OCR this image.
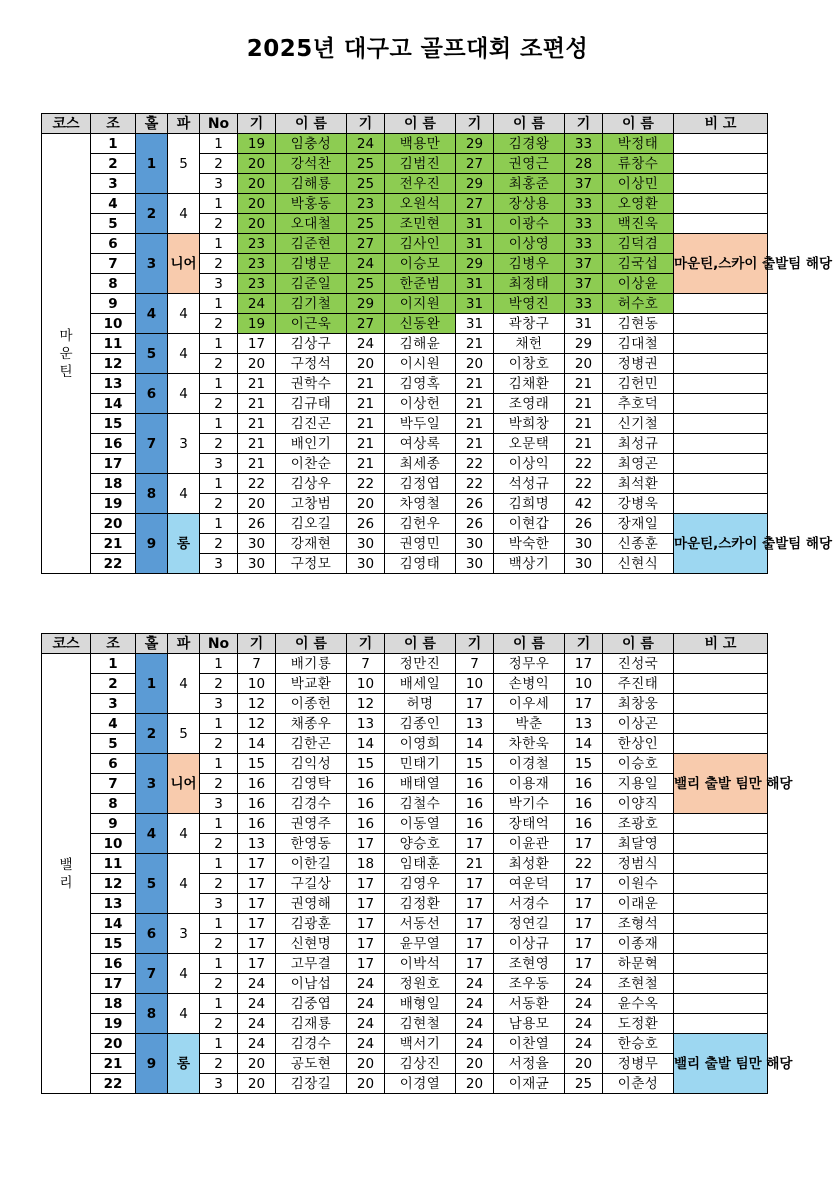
2025년 대구고 골프대회 조편성
코스	조	홀	파	No	기	이 름	기	이 름	기	이 름	기	이 름	비 고
마
운
틴	1	1	5	1	19	임충성	24	백용만	29	김경왕	33	박정태	
	2			2	20	강석찬	25	김범진	27	권영근	28	류창수	
	3			3	20	김해룡	25	전우진	29	최홍준	37	이상민	
	4	2	4	1	20	박홍동	23	오원석	27	장상용	33	오영환	
	5			2	20	오대철	25	조민현	31	이광수	33	백진욱	
	6	3	니어	1	23	김준현	27	김사인	31	이상영	33	김덕겸	마운틴,스카이 출발팀 해당
	7			2	23	김병문	24	이승모	29	김병우	37	김국섭	
	8			3	23	김준일	25	한준범	31	최정태	37	이상윤	
	9	4	4	1	24	김기철	29	이지원	31	박영진	33	허수호	
	10			2	19	이근욱	27	신동완	31	곽창구	31	김현동	
	11	5	4	1	17	김상구	24	김해윤	21	채헌	29	김대철	
	12			2	20	구정석	20	이시원	20	이창호	20	정병권	
	13	6	4	1	21	권학수	21	김영혹	21	김채환	21	김헌민	
	14			2	21	김규태	21	이상헌	21	조영래	21	추호덕	
	15	7	3	1	21	김진곤	21	박두일	21	박희창	21	신기철	
	16			2	21	배인기	21	여상록	21	오문택	21	최성규	
	17			3	21	이찬순	21	최세종	22	이상익	22	최영곤	
	18	8	4	1	22	김상우	22	김정엽	22	석성규	22	최석환	
	19			2	20	고창범	20	차영철	26	김희명	42	강병욱	
	20	9	롱	1	26	김오길	26	김헌우	26	이현갑	26	장재일	마운틴,스카이 출발팀 해당
	21			2	30	강재현	30	권영민	30	박숙한	30	신종훈	
	22			3	30	구정모	30	김영태	30	백상기	30	신현식	
코스	조	홀	파	No	기	이 름	기	이 름	기	이 름	기	이 름	비 고
밸
리	1	1	4	1	7	배기룡	7	정만진	7	정무우	17	진성국	
	2			2	10	박교환	10	배세일	10	손병익	10	주진태	
	3			3	12	이종헌	12	허명	17	이우세	17	최창웅	
	4	2	5	1	12	채종우	13	김종인	13	박춘	13	이상곤	
	5			2	14	김한곤	14	이영희	14	차한욱	14	한상인	
	6	3	니어	1	15	김익성	15	민태기	15	이경철	15	이승호	밸리 출발 팀만 해당
	7			2	16	김영탁	16	배태열	16	이용재	16	지용일	
	8			3	16	김경수	16	김철수	16	박기수	16	이양직	
	9	4	4	1	16	권영주	16	이동열	16	장태억	16	조광호	
	10			2	13	한영동	17	양승호	17	이윤관	17	최달영	
	11	5	4	1	17	이한길	18	임태훈	21	최성환	22	정범식	
	12			2	17	구길상	17	김영우	17	여운덕	17	이원수	
	13			3	17	권영해	17	김정환	17	서경수	17	이래운	
	14	6	3	1	17	김광훈	17	서동선	17	정연길	17	조형석	
	15			2	17	신현명	17	윤무열	17	이상규	17	이종재	
	16	7	4	1	17	고무결	17	이박석	17	조현영	17	하문혁	
	17			2	24	이남섭	24	정원호	24	조우동	24	조현철	
	18	8	4	1	24	김중엽	24	배형일	24	서동환	24	윤수옥	
	19			2	24	김재룡	24	김현철	24	남용모	24	도정환	
	20	9	롱	1	24	김경수	24	백서기	24	이찬열	24	한승호	밸리 출발 팀만 해당
	21			2	20	공도현	20	김상진	20	서정율	20	정병무	
	22			3	20	김장길	20	이경열	20	이재균	25	이춘성	
